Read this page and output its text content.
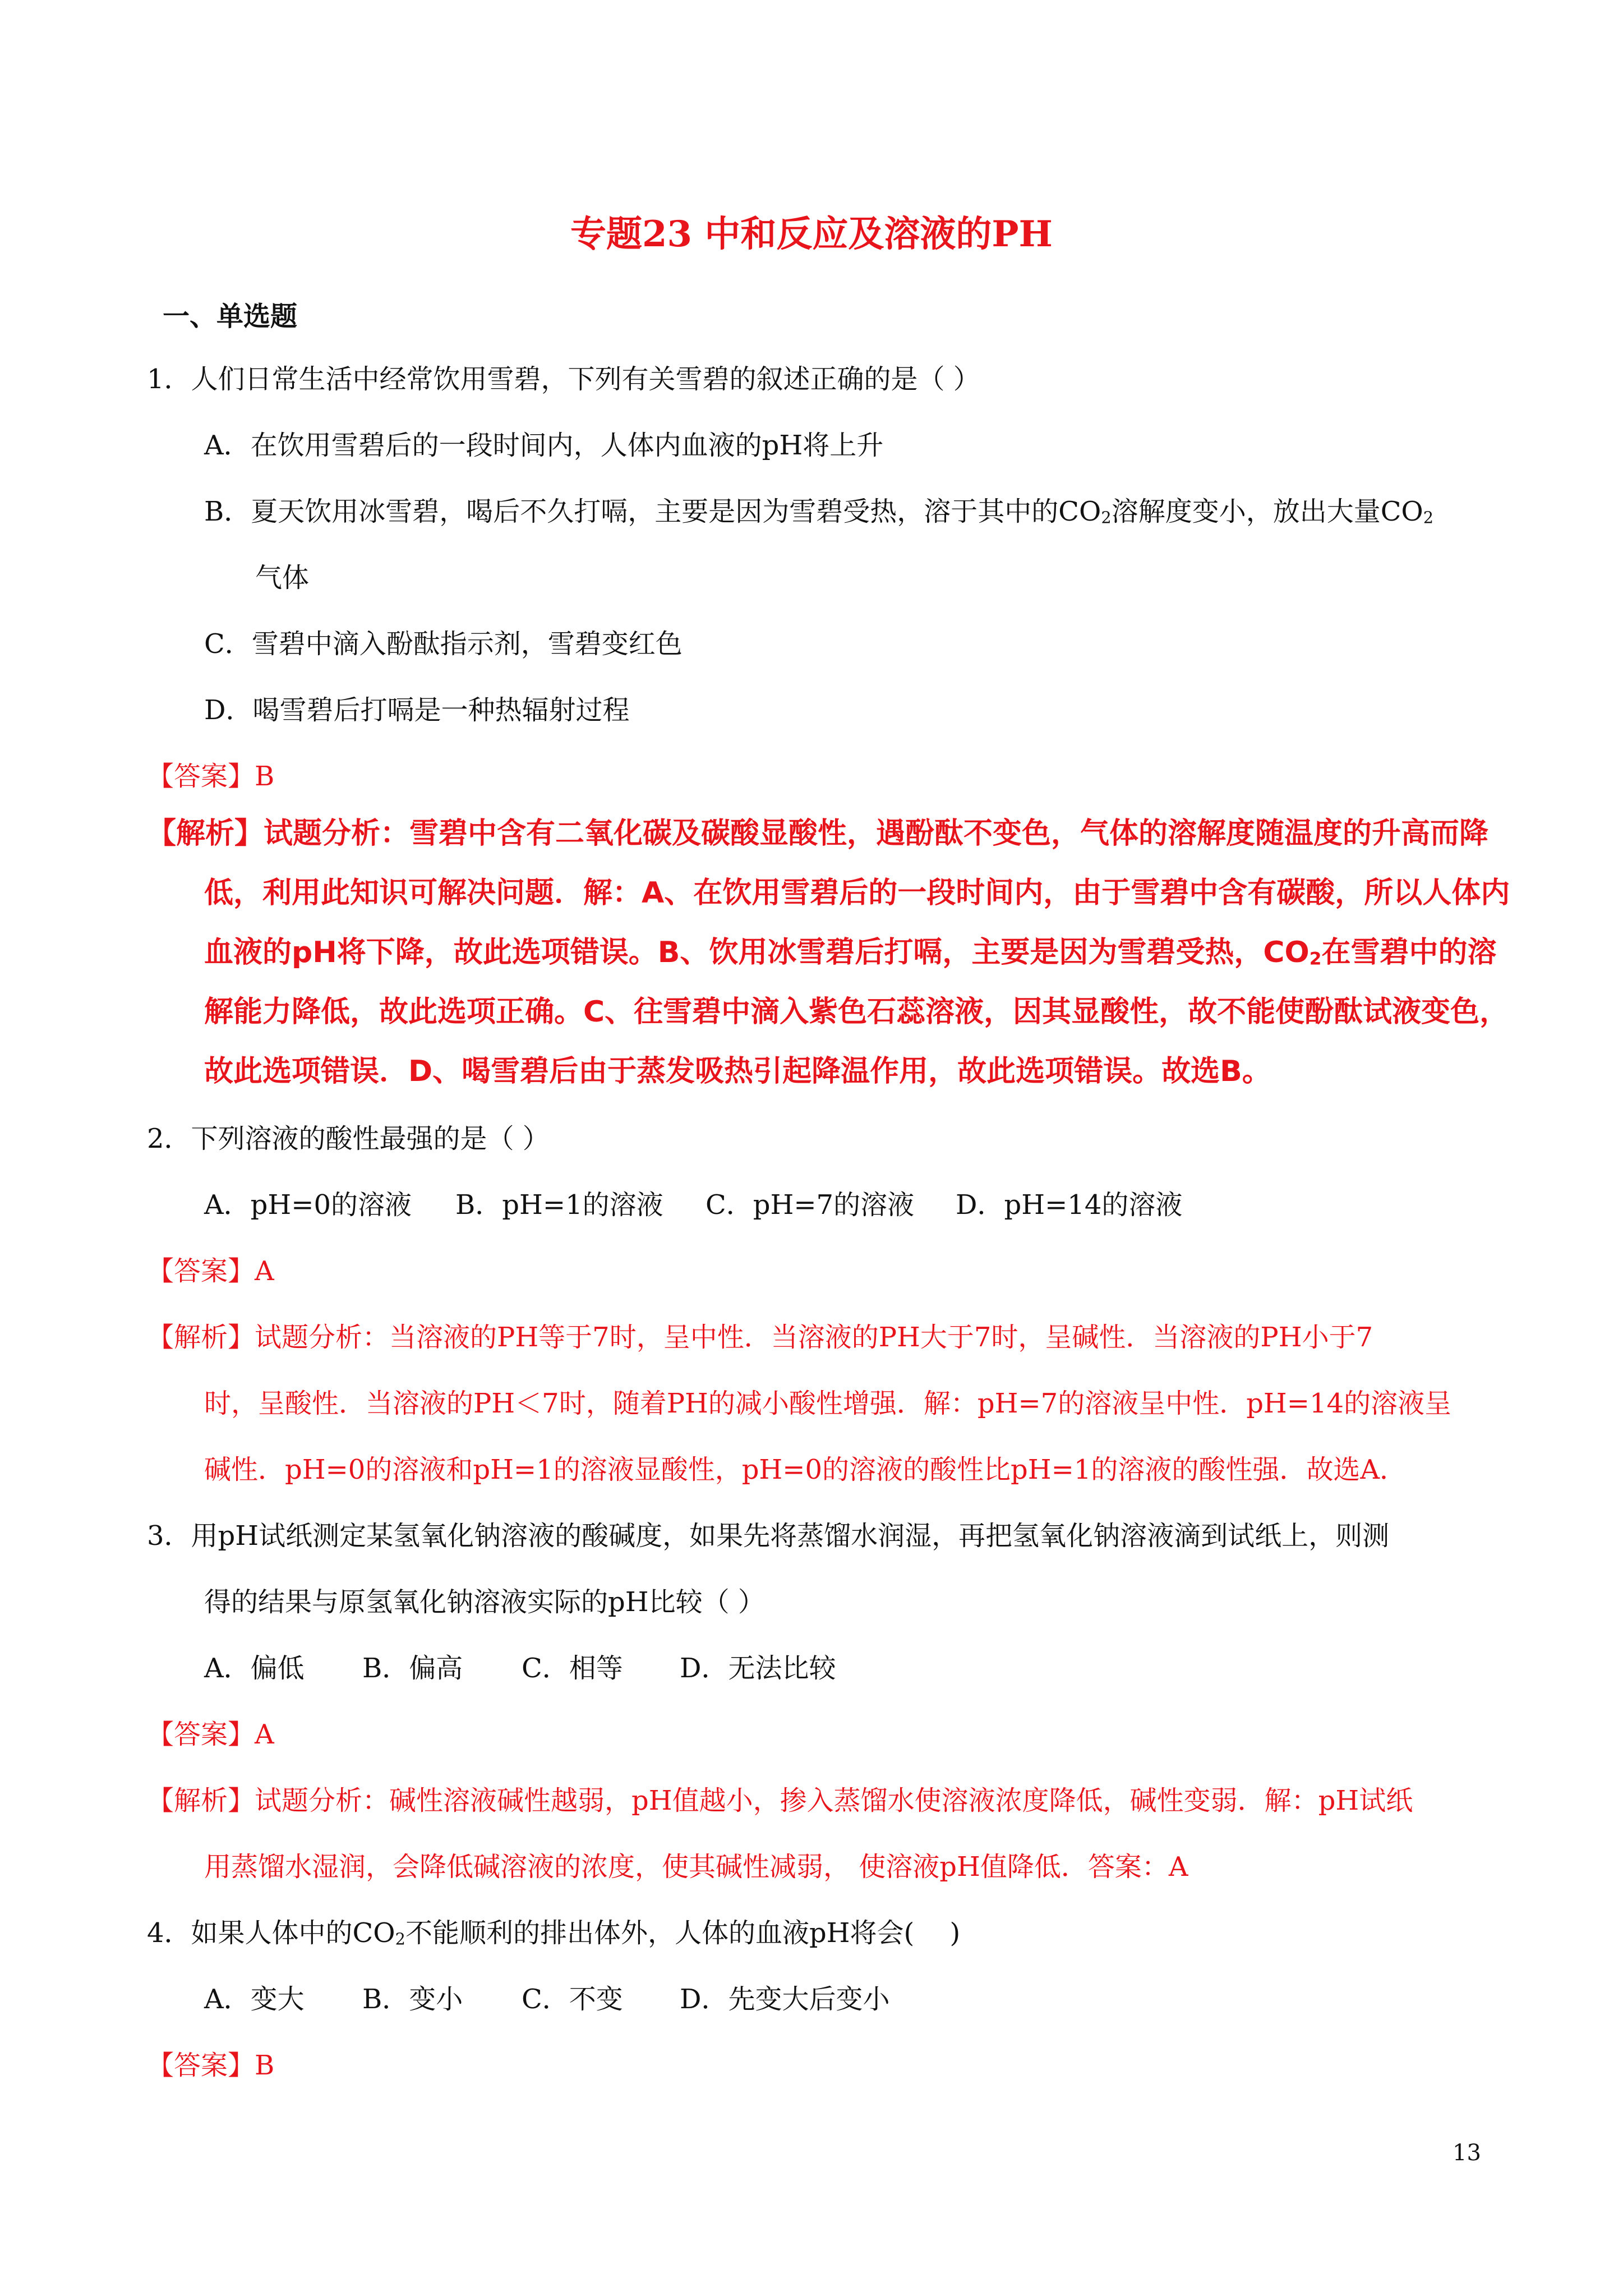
专题23 中和反应及溶液的PH
一、单选题
1．人们日常生活中经常饮用雪碧，下列有关雪碧的叙述正确的是（ ）
A．在饮用雪碧后的一段时间内，人体内血液的pH将上升
B．夏天饮用冰雪碧，喝后不久打嗝，主要是因为雪碧受热，溶于其中的$CO_2$溶解度变小，放出大量$CO_2$
气体
C．雪碧中滴入酚酞指示剂，雪碧变红色
D．喝雪碧后打嗝是一种热辐射过程
【答案】B
【解析】试题分析：雪碧中含有二氧化碳及碳酸显酸性，遇酚酞不变色，气体的溶解度随温度的升高而降
低，利用此知识可解决问题．解：A、在饮用雪碧后的一段时间内，由于雪碧中含有碳酸，所以人体内
血液的pH将下降，故此选项错误。B、饮用冰雪碧后打嗝，主要是因为雪碧受热，$CO_2$在雪碧中的溶
解能力降低，故此选项正确。C、往雪碧中滴入紫色石蕊溶液，因其显酸性，故不能使酚酞试液变色，
故此选项错误．D、喝雪碧后由于蒸发吸热引起降温作用，故此选项错误。故选B。
2．下列溶液的酸性最强的是（ ）
A．pH=0的溶液 B．pH=1的溶液 C．pH=7的溶液 D．pH=14的溶液
【答案】A
【解析】试题分析：当溶液的PH等于7时，呈中性．当溶液的PH大于7时，呈碱性．当溶液的PH小于7
时，呈酸性．当溶液的PH＜7时，随着PH的减小酸性增强．解：pH=7的溶液呈中性．pH=14的溶液呈
碱性．pH=0的溶液和pH=1的溶液显酸性，pH=0的溶液的酸性比pH=1的溶液的酸性强．故选A．
3．用pH试纸测定某氢氧化钠溶液的酸碱度，如果先将蒸馏水润湿，再把氢氧化钠溶液滴到试纸上，则测
得的结果与原氢氧化钠溶液实际的pH比较（ ）
A．偏低 B．偏高 C．相等 D．无法比较
【答案】A
【解析】试题分析：碱性溶液碱性越弱，pH值越小，掺入蒸馏水使溶液浓度降低，碱性变弱．解：pH试纸
用蒸馏水湿润，会降低碱溶液的浓度，使其碱性减弱， 使溶液pH值降低．答案：A
4．如果人体中的$CO_2$不能顺利的排出体外，人体的血液pH将会(　 )
A．变大 B．变小 C．不变 D．先变大后变小
【答案】B
13
